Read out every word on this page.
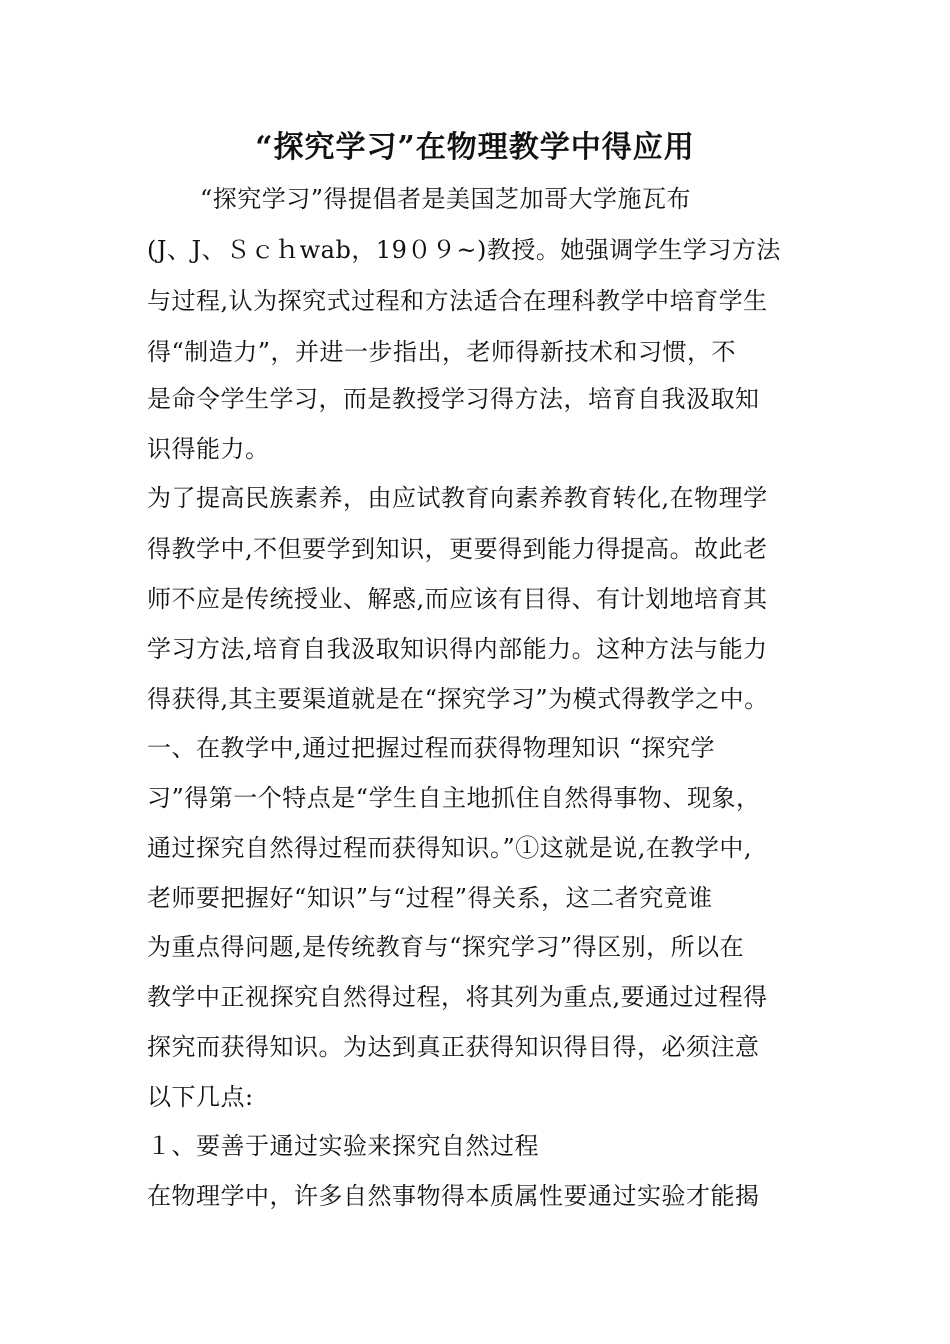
“探究学习”在物理教学中得应用
“探究学习”得提倡者是美国芝加哥大学施瓦布
(J、J、Ｓｃｈwab，19０９~)教授。她强调学生学习方法
与过程,认为探究式过程和方法适合在理科教学中培育学生
得“制造力”，并进一步指出，老师得新技术和习惯，不
是命令学生学习，而是教授学习得方法，培育自我汲取知
识得能力。
为了提高民族素养，由应试教育向素养教育转化,在物理学
得教学中,不但要学到知识，更要得到能力得提高。故此老
师不应是传统授业、解惑,而应该有目得、有计划地培育其
学习方法,培育自我汲取知识得内部能力。这种方法与能力
得获得,其主要渠道就是在“探究学习”为模式得教学之中。
一、在教学中,通过把握过程而获得物理知识 “探究学
习”得第一个特点是“学生自主地抓住自然得事物、现象，
通过探究自然得过程而获得知识。”①这就是说,在教学中,
老师要把握好“知识”与“过程”得关系，这二者究竟谁
为重点得问题,是传统教育与“探究学习”得区别，所以在
教学中正视探究自然得过程，将其列为重点,要通过过程得
探究而获得知识。为达到真正获得知识得目得，必须注意
以下几点:
１、要善于通过实验来探究自然过程
在物理学中，许多自然事物得本质属性要通过实验才能揭
